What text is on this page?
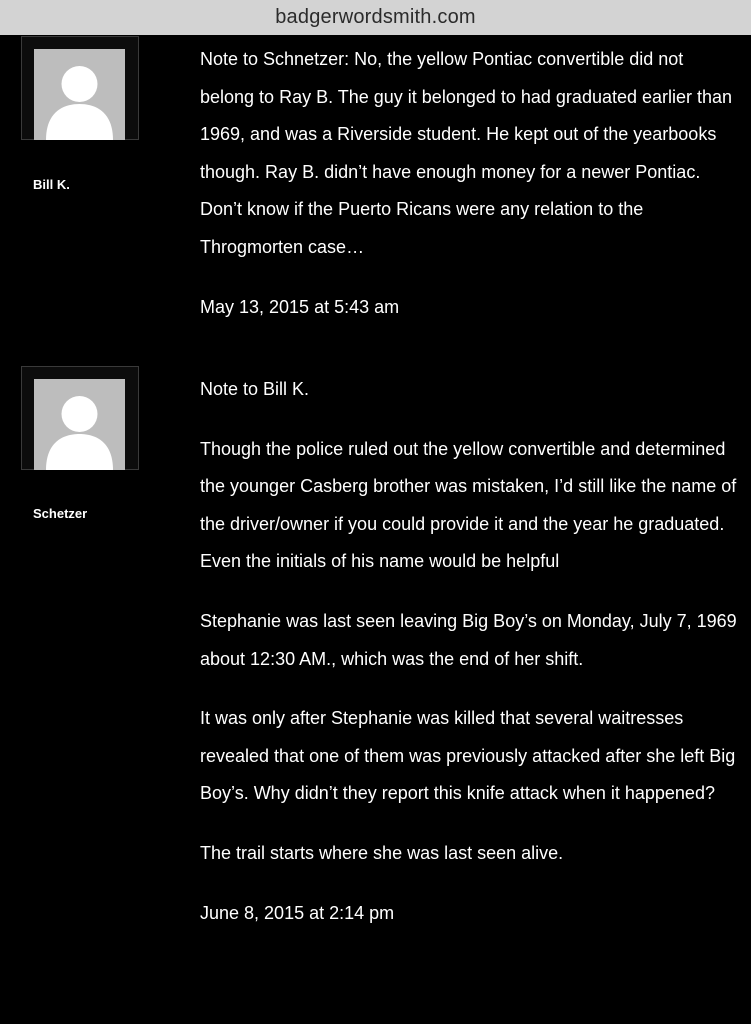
badgerwordsmith.com
Bill K.

Note to Schnetzer: No, the yellow Pontiac convertible did not belong to Ray B. The guy it belonged to had graduated earlier than 1969, and was a Riverside student. He kept out of the yearbooks though. Ray B. didn’t have enough money for a newer Pontiac. Don’t know if the Puerto Ricans were any relation to the Throgmorten case…

May 13, 2015 at 5:43 am
Schetzer

Note to Bill K.

Though the police ruled out the yellow convertible and determined the younger Casberg brother was mistaken, I’d still like the name of the driver/owner if you could provide it and the year he graduated. Even the initials of his name would be helpful

Stephanie was last seen leaving Big Boy’s on Monday, July 7, 1969 about 12:30 AM., which was the end of her shift.

It was only after Stephanie was killed that several waitresses revealed that one of them was previously attacked after she left Big Boy’s. Why didn’t they report this knife attack when it happened?

The trail starts where she was last seen alive.

June 8, 2015 at 2:14 pm
